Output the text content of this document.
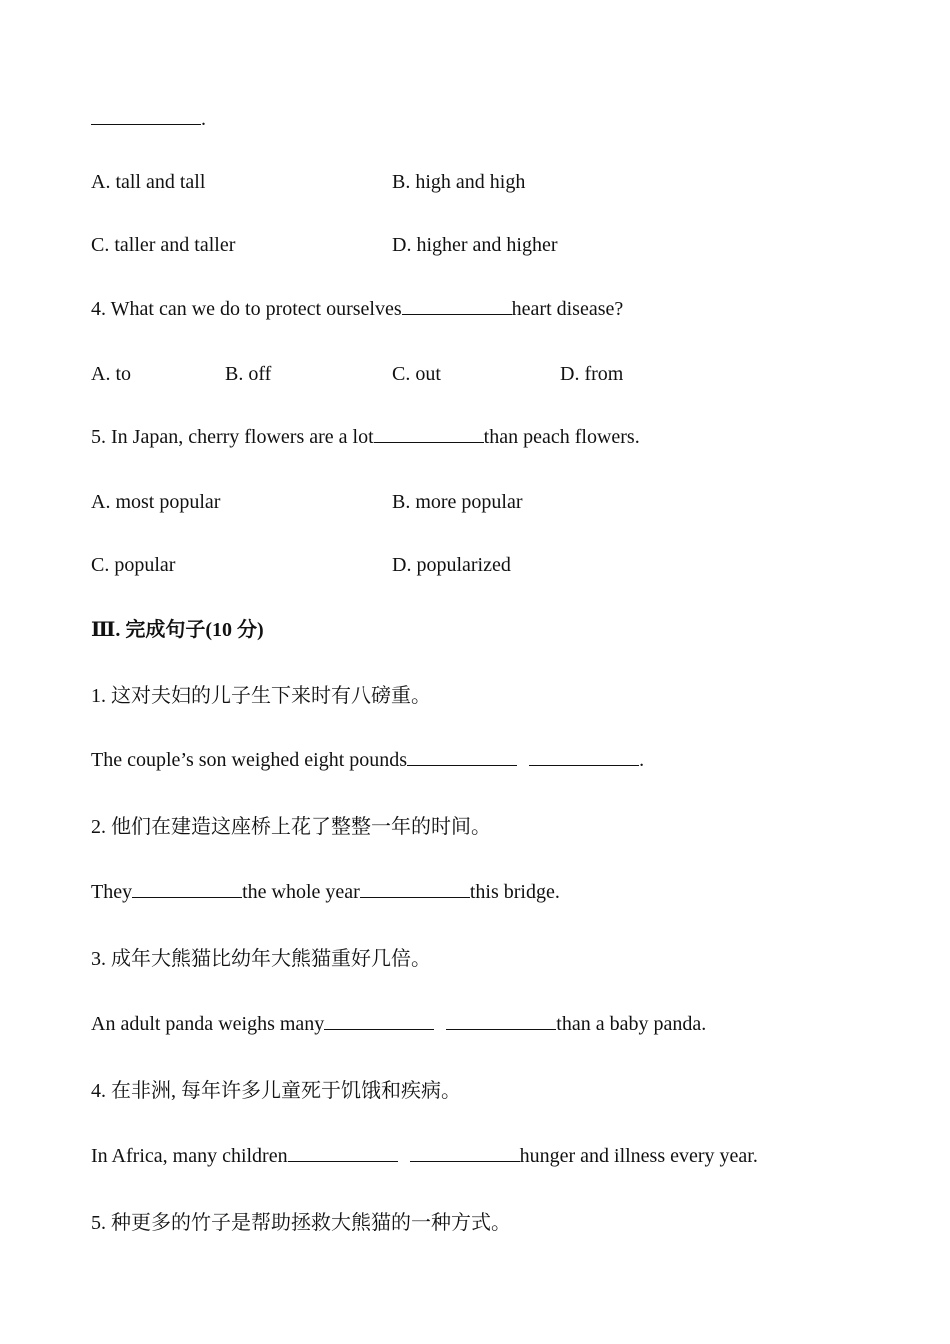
.
A. tall and tall	B. high and high
C. taller and taller	D. higher and higher
4. What can we do to protect ourselves	heart disease?
A. to	B. off	C. out	D. from
5. In Japan, cherry flowers are a lot	than peach flowers.
A. most popular	B. more popular
C. popular	D. popularized
Ⅲ. 完成句子(10 分)
1. 这对夫妇的儿子生下来时有八磅重。
The couple’s son weighed eight pounds	.
2. 他们在建造这座桥上花了整整一年的时间。
They	the whole year	this bridge.
3. 成年大熊猫比幼年大熊猫重好几倍。
An adult panda weighs many	than a baby panda.
4. 在非洲, 每年许多儿童死于饥饿和疾病。
In Africa, many children	hunger and illness every year.
5. 种更多的竹子是帮助拯救大熊猫的一种方式。
